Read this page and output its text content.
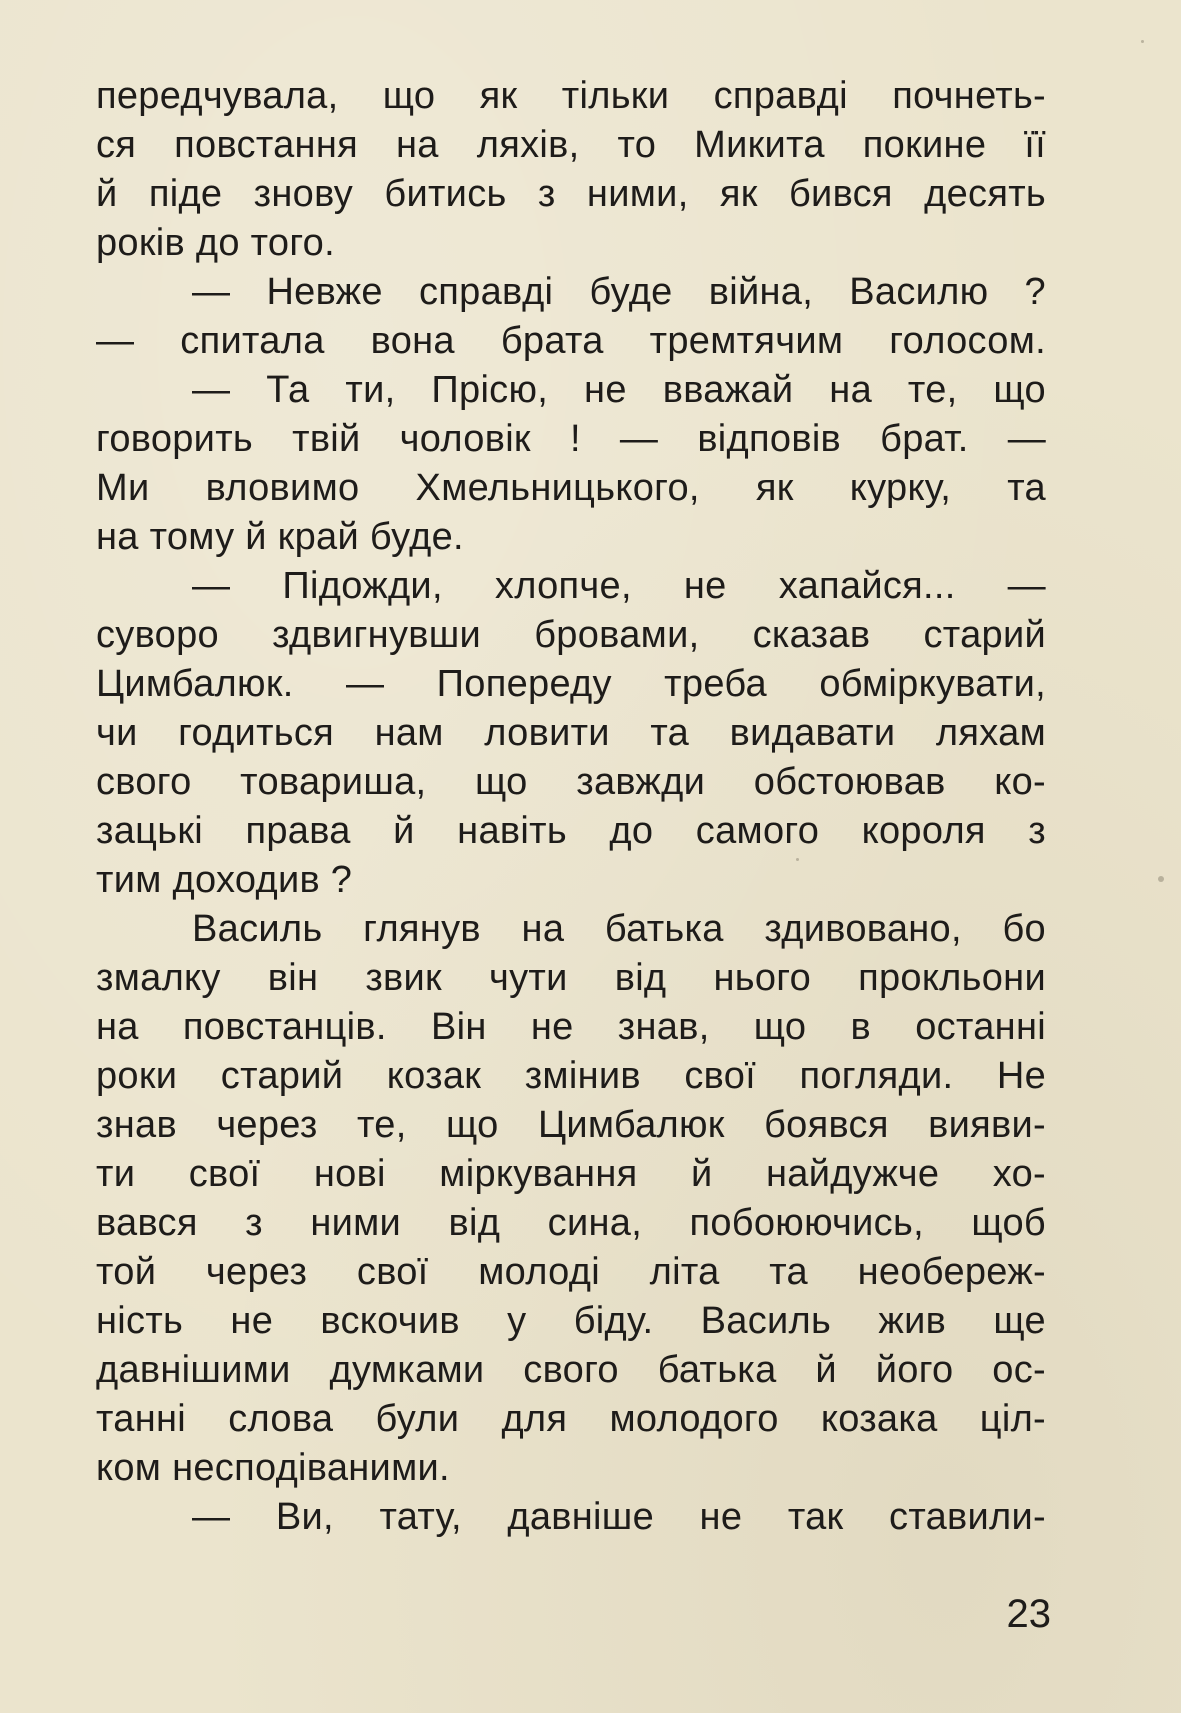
передчувала, що як тільки справді почнеть-
ся повстання на ляхів, то Микита покине її
й піде знову битись з ними, як бився десять
років до того.
— Невже справді буде війна, Василю ?
— спитала вона брата тремтячим голосом.
— Та ти, Прісю, не вважай на те, що
говорить твій чоловік ! — відповів брат. —
Ми вловимо Хмельницького, як курку, та
на тому й край буде.
— Підожди, хлопче, не хапайся... —
суворо здвигнувши бровами, сказав старий
Цимбалюк. — Попереду треба обміркувати,
чи годиться нам ловити та видавати ляхам
свого товариша, що завжди обстоював ко-
зацькі права й навіть до самого короля з
тим доходив ?
Василь глянув на батька здивовано, бо
змалку він звик чути від нього прокльони
на повстанців. Він не знав, що в останні
роки старий козак змінив свої погляди. Не
знав через те, що Цимбалюк боявся вияви-
ти свої нові міркування й найдужче хо-
вався з ними від сина, побоюючись, щоб
той через свої молоді літа та необереж-
ність не вскочив у біду. Василь жив ще
давнішими думками свого батька й його ос-
танні слова були для молодого козака ціл-
ком несподіваними.
— Ви, тату, давніше не так ставили-
23
